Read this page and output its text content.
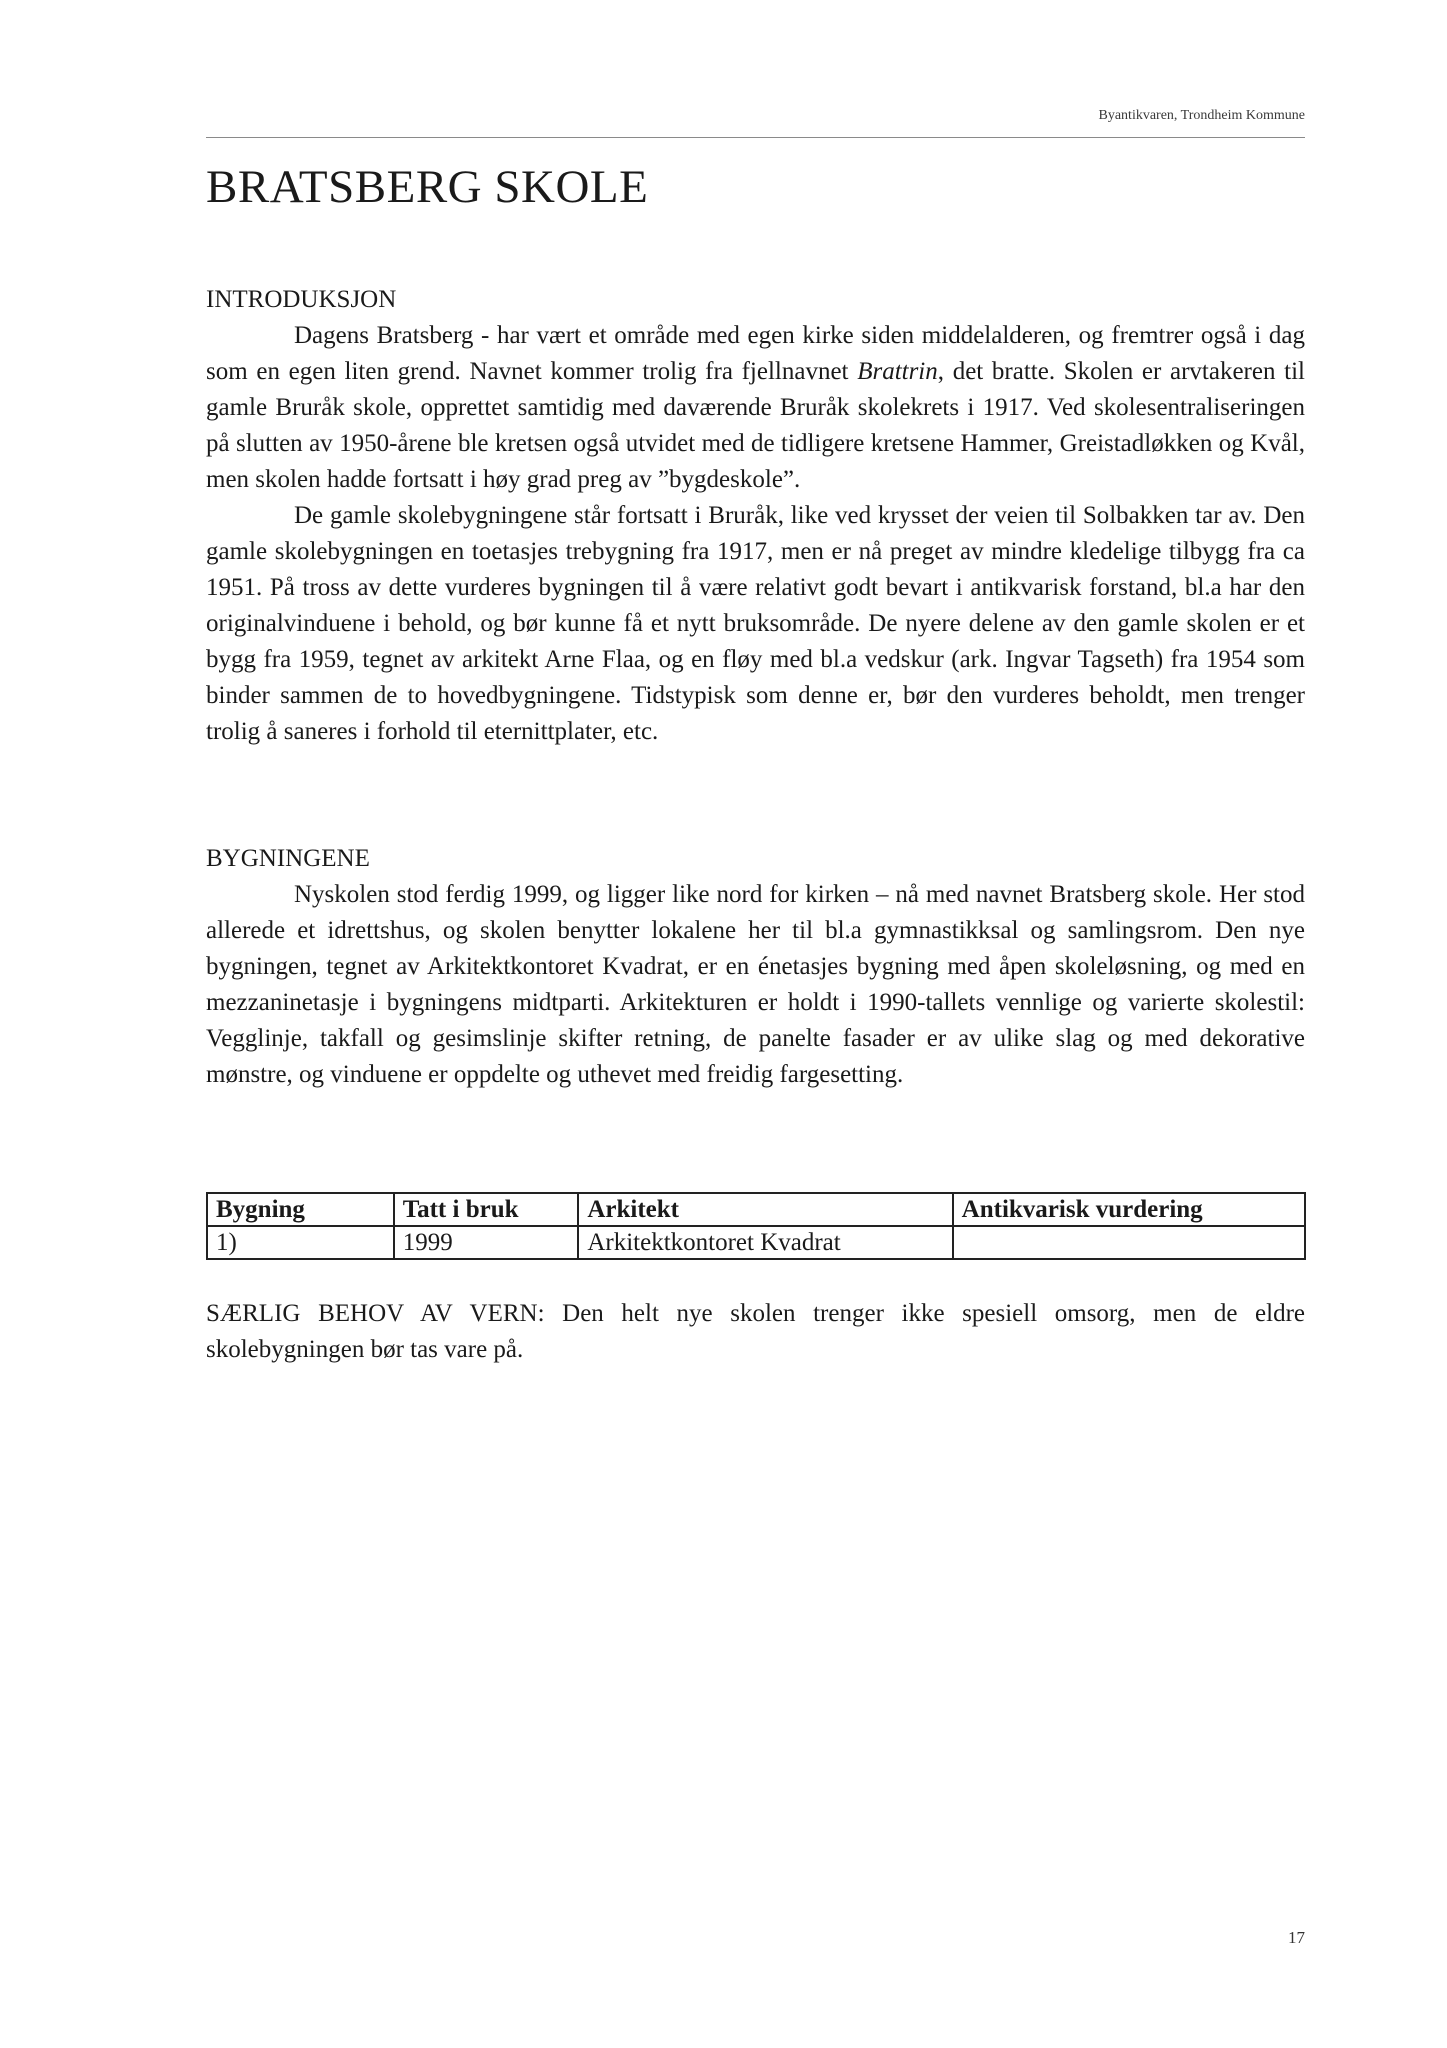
Byantikvaren, Trondheim Kommune

BRATSBERG SKOLE
INTRODUKSJON

Dagens Bratsberg - har vært et område med egen kirke siden middelalderen, og fremtrer også i dag som en egen liten grend. Navnet kommer trolig fra fjellnavnet Brattrin, det bratte. Skolen er arvtakeren til gamle Bruråk skole, opprettet samtidig med daværende Bruråk skolekrets i 1917. Ved skolesentraliseringen på slutten av 1950-årene ble kretsen også utvidet med de tidligere kretsene Hammer, Greistadløkken og Kvål, men skolen hadde fortsatt i høy grad preg av ”bygdeskole”.

De gamle skolebygningene står fortsatt i Bruråk, like ved krysset der veien til Solbakken tar av. Den gamle skolebygningen en toetasjes trebygning fra 1917, men er nå preget av mindre kledelige tilbygg fra ca 1951. På tross av dette vurderes bygningen til å være relativt godt bevart i antikvarisk forstand, bl.a har den originalvinduene i behold, og bør kunne få et nytt bruksområde. De nyere delene av den gamle skolen er et bygg fra 1959, tegnet av arkitekt Arne Flaa, og en fløy med bl.a vedskur (ark. Ingvar Tagseth) fra 1954 som binder sammen de to hovedbygningene. Tidstypisk som denne er, bør den vurderes beholdt, men trenger trolig å saneres i forhold til eternittplater, etc.

BYGNINGENE

Nyskolen stod ferdig 1999, og ligger like nord for kirken – nå med navnet Bratsberg skole. Her stod allerede et idrettshus, og skolen benytter lokalene her til bl.a gymnastikksal og samlingsrom. Den nye bygningen, tegnet av Arkitektkontoret Kvadrat, er en énetasjes bygning med åpen skoleløsning, og med en mezzaninetasje i bygningens midtparti. Arkitekturen er holdt i 1990-tallets vennlige og varierte skolestil: Vegglinje, takfall og gesimslinje skifter retning, de panelte fasader er av ulike slag og med dekorative mønstre, og vinduene er oppdelte og uthevet med freidig fargesetting.

Bygning	Tatt i bruk	Arkitekt	Antikvarisk vurdering
1)	1999	Arkitektkontoret Kvadrat	

SÆRLIG BEHOV AV VERN: Den helt nye skolen trenger ikke spesiell omsorg, men de eldre skolebygningen bør tas vare på.

17
